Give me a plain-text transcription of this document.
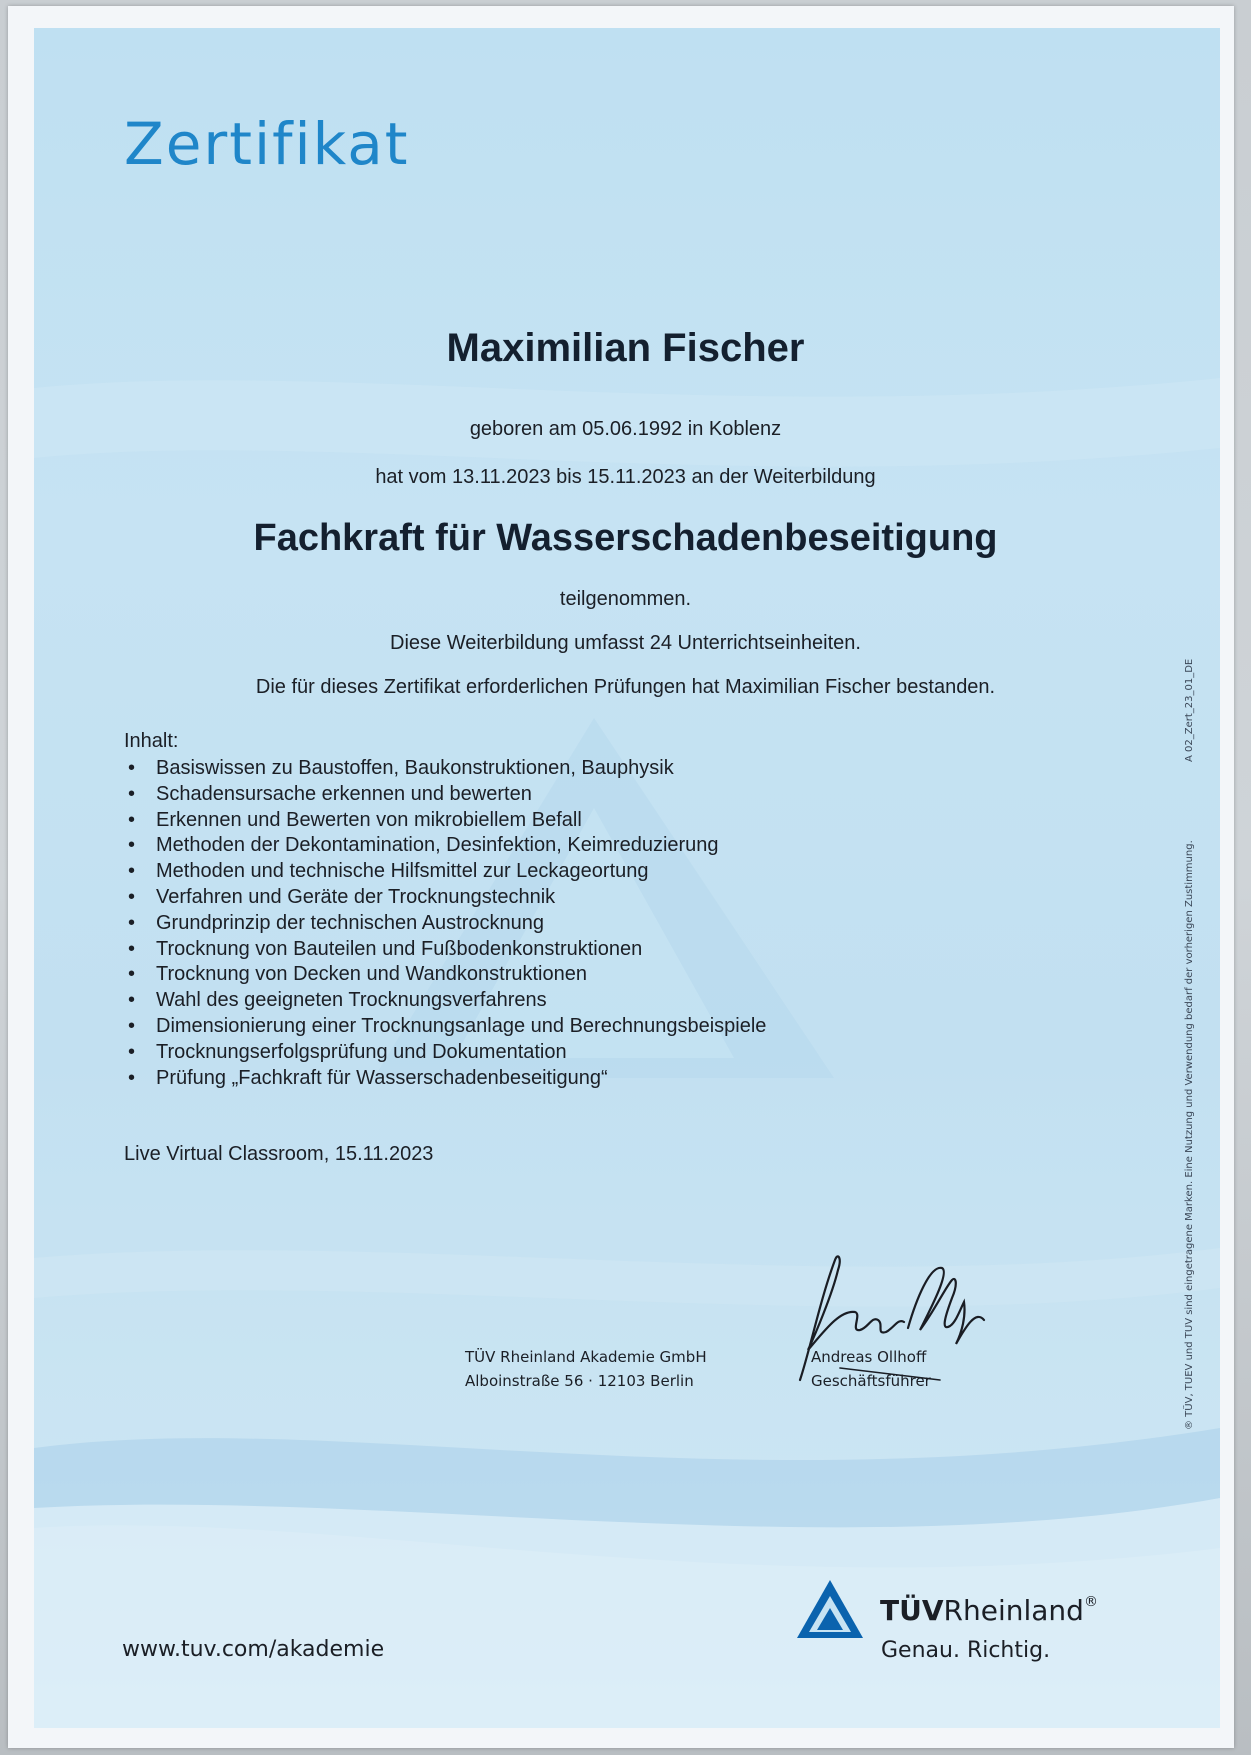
Zertifikat
Maximilian Fischer
geboren am 05.06.1992 in Koblenz
hat vom 13.11.2023 bis 15.11.2023 an der Weiterbildung
Fachkraft für Wasserschadenbeseitigung
teilgenommen.
Diese Weiterbildung umfasst 24 Unterrichtseinheiten.
Die für dieses Zertifikat erforderlichen Prüfungen hat Maximilian Fischer bestanden.
Inhalt:
• Basiswissen zu Baustoffen, Baukonstruktionen, Bauphysik
• Schadensursache erkennen und bewerten
• Erkennen und Bewerten von mikrobiellem Befall
• Methoden der Dekontamination, Desinfektion, Keimreduzierung
• Methoden und technische Hilfsmittel zur Leckageortung
• Verfahren und Geräte der Trocknungstechnik
• Grundprinzip der technischen Austrocknung
• Trocknung von Bauteilen und Fußbodenkonstruktionen
• Trocknung von Decken und Wandkonstruktionen
• Wahl des geeigneten Trocknungsverfahrens
• Dimensionierung einer Trocknungsanlage und Berechnungsbeispiele
• Trocknungserfolgsprüfung und Dokumentation
• Prüfung „Fachkraft für Wasserschadenbeseitigung“
Live Virtual Classroom, 15.11.2023
TÜV Rheinland Akademie GmbH
Alboinstraße 56 · 12103 Berlin
Andreas Ollhoff
Geschäftsführer	® TÜV, TUEV und TUV sind eingetragene Marken. Eine Nutzung und Verwendung bedarf der vorherigen Zustimmung.
A 02_Zert_23_01_DE
www.tuv.com/akademie
TÜVRheinland®
Genau. Richtig.
